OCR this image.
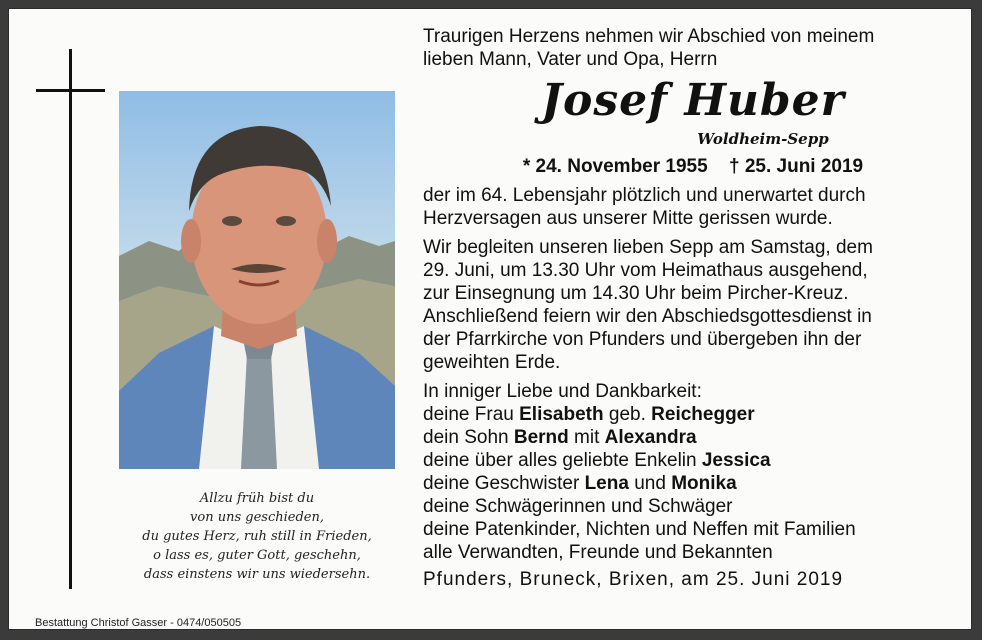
Allzu früh bist du
von uns geschieden,
du gutes Herz, ruh still in Frieden,
o lass es, guter Gott, geschehn,
dass einstens wir uns wiedersehn.
Bestattung Christof Gasser - 0474/050505
Traurigen Herzens nehmen wir Abschied von meinem
lieben Mann, Vater und Opa, Herrn
Josef Huber
Woldheim-Sepp
* 24. November 1955 † 25. Juni 2019
der im 64. Lebensjahr plötzlich und unerwartet durch
Herzversagen aus unserer Mitte gerissen wurde.
Wir begleiten unseren lieben Sepp am Samstag, dem
29. Juni, um 13.30 Uhr vom Heimathaus ausgehend,
zur Einsegnung um 14.30 Uhr beim Pircher-Kreuz.
Anschließend feiern wir den Abschiedsgottesdienst in
der Pfarrkirche von Pfunders und übergeben ihn der
geweihten Erde.
In inniger Liebe und Dankbarkeit:
deine Frau Elisabeth geb. Reichegger
dein Sohn Bernd mit Alexandra
deine über alles geliebte Enkelin Jessica
deine Geschwister Lena und Monika
deine Schwägerinnen und Schwäger
deine Patenkinder, Nichten und Neffen mit Familien
alle Verwandten, Freunde und Bekannten
Pfunders, Bruneck, Brixen, am 25. Juni 2019
